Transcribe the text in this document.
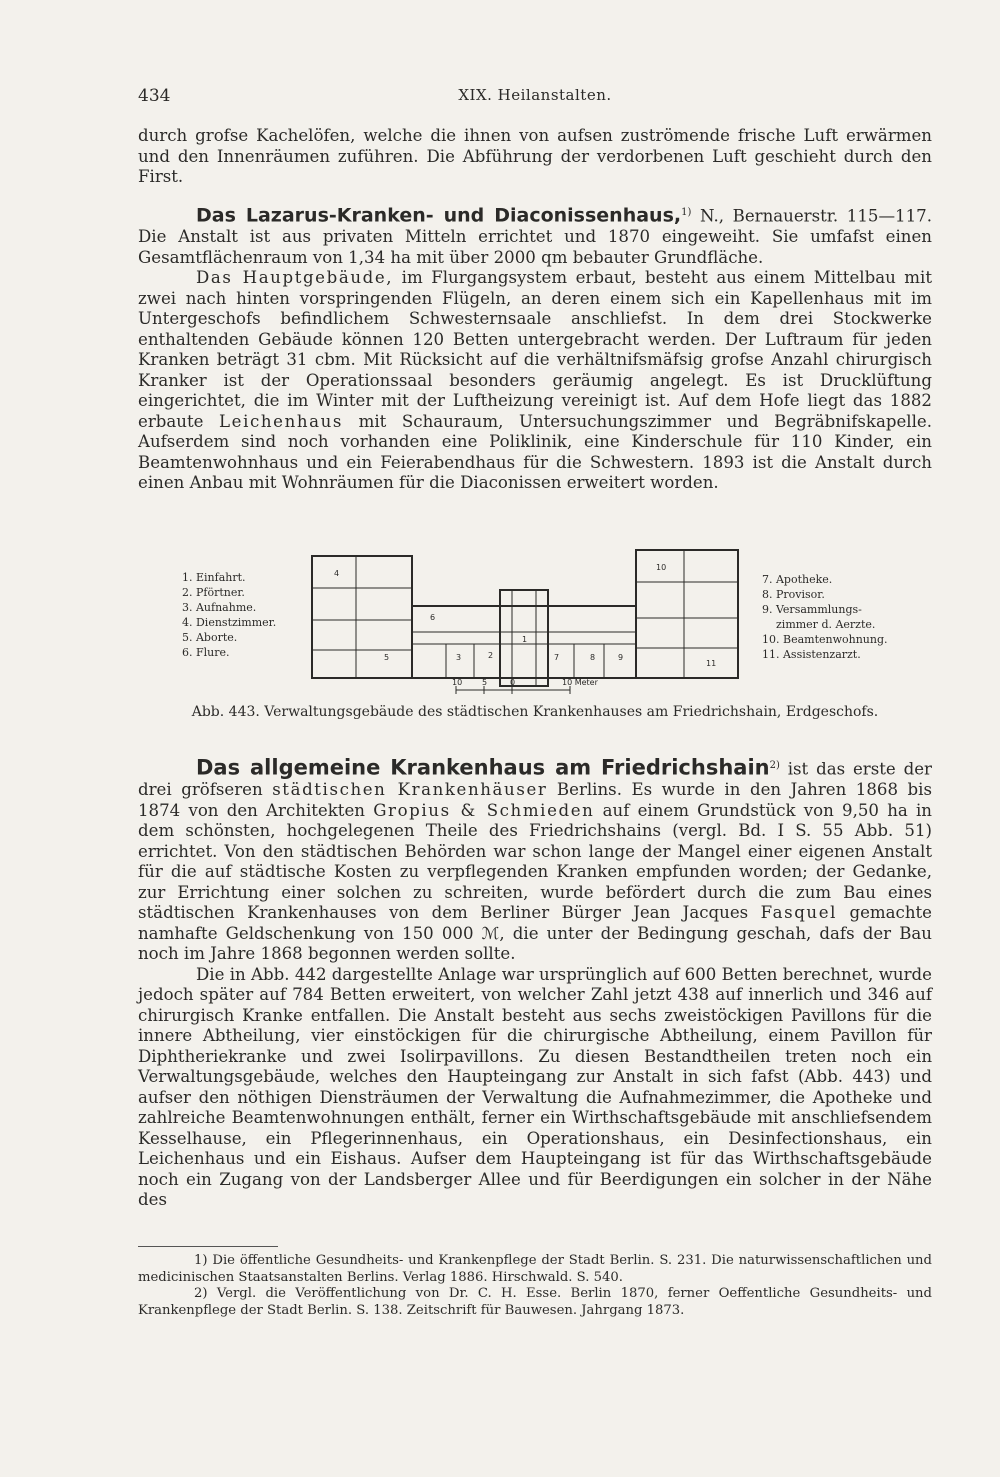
434	XIX. Heilanstalten.

durch grofse Kachelöfen, welche die ihnen von aufsen zuströmende frische Luft erwärmen und den Innenräumen zuführen. Die Abführung der verdorbenen Luft geschieht durch den First.

Das Lazarus-Kranken- und Diaconissenhaus,$^{1)}$ N., Bernauerstr. 115—117. Die Anstalt ist aus privaten Mitteln errichtet und 1870 eingeweiht. Sie umfafst einen Gesamtflächenraum von 1,34 ha mit über 2000 qm bebauter Grundfläche.

Das Hauptgebäude, im Flurgangsystem erbaut, besteht aus einem Mittelbau mit zwei nach hinten vorspringenden Flügeln, an deren einem sich ein Kapellenhaus mit im Untergeschofs befindlichem Schwesternsaale anschliefst. In dem drei Stockwerke enthaltenden Gebäude können 120 Betten untergebracht werden. Der Luftraum für jeden Kranken beträgt 31 cbm. Mit Rücksicht auf die verhältnifsmäfsig grofse Anzahl chirurgisch Kranker ist der Operationssaal besonders geräumig angelegt. Es ist Drucklüftung eingerichtet, die im Winter mit der Luftheizung vereinigt ist. Auf dem Hofe liegt das 1882 erbaute Leichenhaus mit Schauraum, Untersuchungszimmer und Begräbnifskapelle. Aufserdem sind noch vorhanden eine Poliklinik, eine Kinderschule für 110 Kinder, ein Beamtenwohnhaus und ein Feierabendhaus für die Schwestern. 1893 ist die Anstalt durch einen Anbau mit Wohnräumen für die Diaconissen erweitert worden.

1. Einfahrt.
2. Pförtner.
3. Aufnahme.
4. Dienstzimmer.
5. Aborte.
6. Flure.
1
2
3
4
5
6
7	8	9
10
11
10 5	0	10 Meter
7. Apotheke.
8. Provisor.
9. Versammlungs-
zimmer d. Aerzte.
10. Beamtenwohnung.
11. Assistenzarzt.
Abb. 443. Verwaltungsgebäude des städtischen Krankenhauses am Friedrichshain, Erdgeschofs.

Das allgemeine Krankenhaus am Friedrichshain$^{2)}$ ist das erste der drei gröfseren städtischen Krankenhäuser Berlins. Es wurde in den Jahren 1868 bis 1874 von den Architekten Gropius & Schmieden auf einem Grundstück von 9,50 ha in dem schönsten, hochgelegenen Theile des Friedrichshains (vergl. Bd. I S. 55 Abb. 51) errichtet. Von den städtischen Behörden war schon lange der Mangel einer eigenen Anstalt für die auf städtische Kosten zu verpflegenden Kranken empfunden worden; der Gedanke, zur Errichtung einer solchen zu schreiten, wurde befördert durch die zum Bau eines städtischen Krankenhauses von dem Berliner Bürger Jean Jacques Fasquel gemachte namhafte Geldschenkung von 150 000 ℳ, die unter der Bedingung geschah, dafs der Bau noch im Jahre 1868 begonnen werden sollte.

Die in Abb. 442 dargestellte Anlage war ursprünglich auf 600 Betten berechnet, wurde jedoch später auf 784 Betten erweitert, von welcher Zahl jetzt 438 auf innerlich und 346 auf chirurgisch Kranke entfallen. Die Anstalt besteht aus sechs zweistöckigen Pavillons für die innere Abtheilung, vier einstöckigen für die chirurgische Abtheilung, einem Pavillon für Diphtheriekranke und zwei Isolirpavillons. Zu diesen Bestandtheilen treten noch ein Verwaltungsgebäude, welches den Haupteingang zur Anstalt in sich fafst (Abb. 443) und aufser den nöthigen Diensträumen der Verwaltung die Aufnahmezimmer, die Apotheke und zahlreiche Beamtenwohnungen enthält, ferner ein Wirthschaftsgebäude mit anschliefsendem Kesselhause, ein Pflegerinnenhaus, ein Operationshaus, ein Desinfectionshaus, ein Leichenhaus und ein Eishaus. Aufser dem Haupteingang ist für das Wirthschaftsgebäude noch ein Zugang von der Landsberger Allee und für Beerdigungen ein solcher in der Nähe des

1) Die öffentliche Gesundheits- und Krankenpflege der Stadt Berlin. S. 231. Die naturwissenschaftlichen und medicinischen Staatsanstalten Berlins. Verlag 1886. Hirschwald. S. 540.

2) Vergl. die Veröffentlichung von Dr. C. H. Esse. Berlin 1870, ferner Oeffentliche Gesundheits- und Krankenpflege der Stadt Berlin. S. 138. Zeitschrift für Bauwesen. Jahrgang 1873.
